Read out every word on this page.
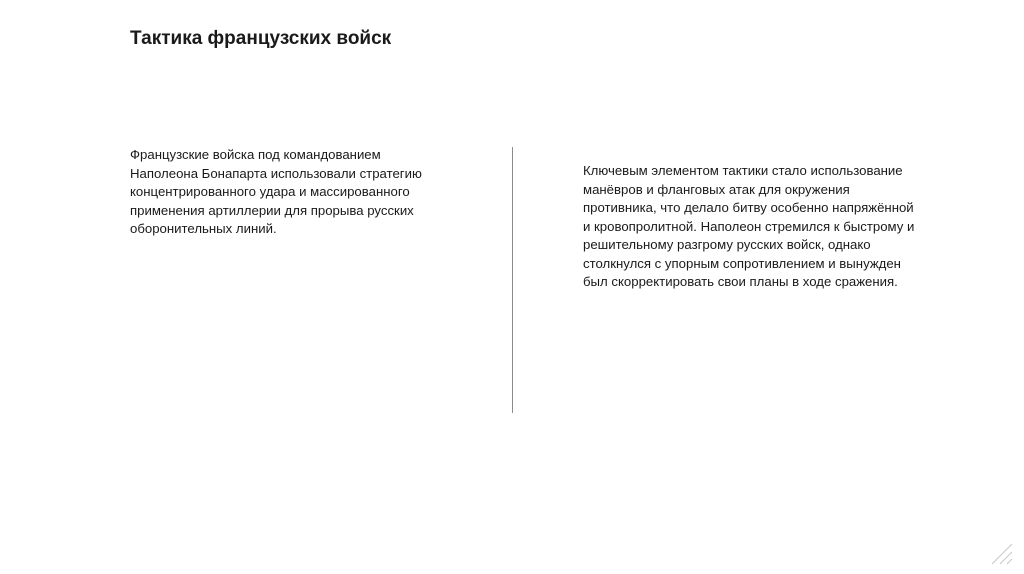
Тактика французских войск

Французские войска под командованием Наполеона Бонапарта использовали стратегию концентрированного удара и массированного применения артиллерии для прорыва русских оборонительных линий.

Ключевым элементом тактики стало использование манёвров и фланговых атак для окружения противника, что делало битву особенно напряжённой и кровопролитной. Наполеон стремился к быстрому и решительному разгрому русских войск, однако столкнулся с упорным сопротивлением и вынужден был скорректировать свои планы в ходе сражения.
